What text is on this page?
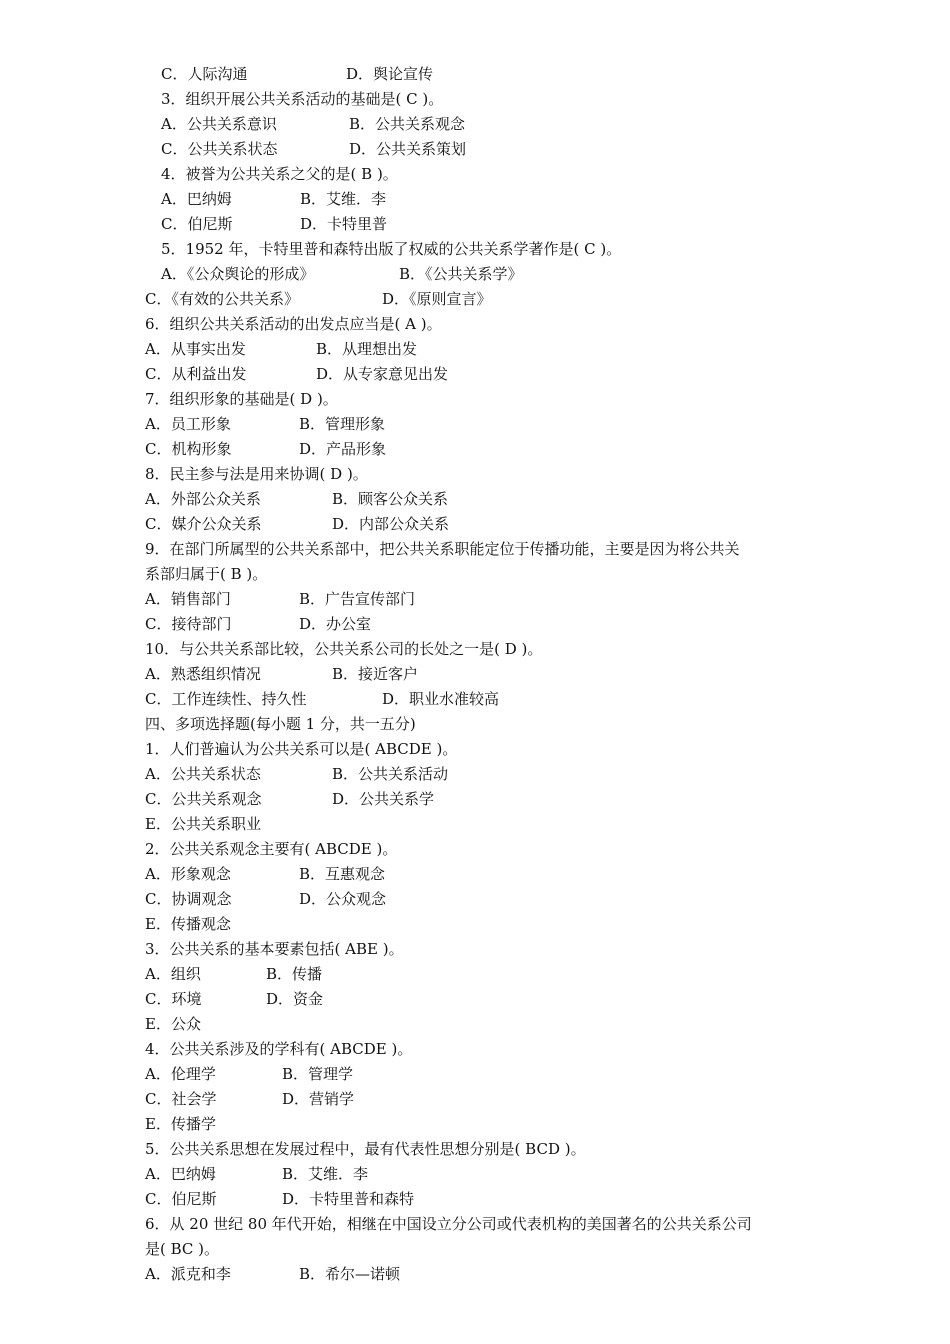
C．人际沟通	D．舆论宣传
3．组织开展公共关系活动的基础是( C )。
A．公共关系意识	B．公共关系观念
C．公共关系状态	D．公共关系策划
4．被誉为公共关系之父的是( B )。
A．巴纳姆	B．艾维．李
C．伯尼斯	D．卡特里普
5．1952 年，卡特里普和森特出版了权威的公共关系学著作是( C )。
A．《公众舆论的形成》	B．《公共关系学》
C．《有效的公共关系》	D．《原则宣言》
6．组织公共关系活动的出发点应当是( A )。
A．从事实出发	B．从理想出发
C．从利益出发	D．从专家意见出发
7．组织形象的基础是( D )。
A．员工形象	B．管理形象
C．机构形象	D．产品形象
8．民主参与法是用来协调( D )。
A．外部公众关系	B．顾客公众关系
C．媒介公众关系	D．内部公众关系
9．在部门所属型的公共关系部中，把公共关系职能定位于传播功能，主要是因为将公共关
系部归属于( B )。
A．销售部门	B．广告宣传部门
C．接待部门	D．办公室
10．与公共关系部比较，公共关系公司的长处之一是( D )。
A．熟悉组织情况	B．接近客户
C．工作连续性、持久性	D．职业水准较高
四、多项选择题(每小题 1 分，共一五分)
1．人们普遍认为公共关系可以是( ABCDE )。
A．公共关系状态	B．公共关系活动
C．公共关系观念	D．公共关系学
E．公共关系职业
2．公共关系观念主要有( ABCDE )。
A．形象观念	B．互惠观念
C．协调观念	D．公众观念
E．传播观念
3．公共关系的基本要素包括( ABE )。
A．组织	B．传播
C．环境	D．资金
E．公众
4．公共关系涉及的学科有( ABCDE )。
A．伦理学	B．管理学
C．社会学	D．营销学
E．传播学
5．公共关系思想在发展过程中，最有代表性思想分别是( BCD )。
A．巴纳姆	B．艾维．李
C．伯尼斯	D．卡特里普和森特
6．从 20 世纪 80 年代开始，相继在中国设立分公司或代表机构的美国著名的公共关系公司
是( BC )。
A．派克和李	B．希尔—诺顿
